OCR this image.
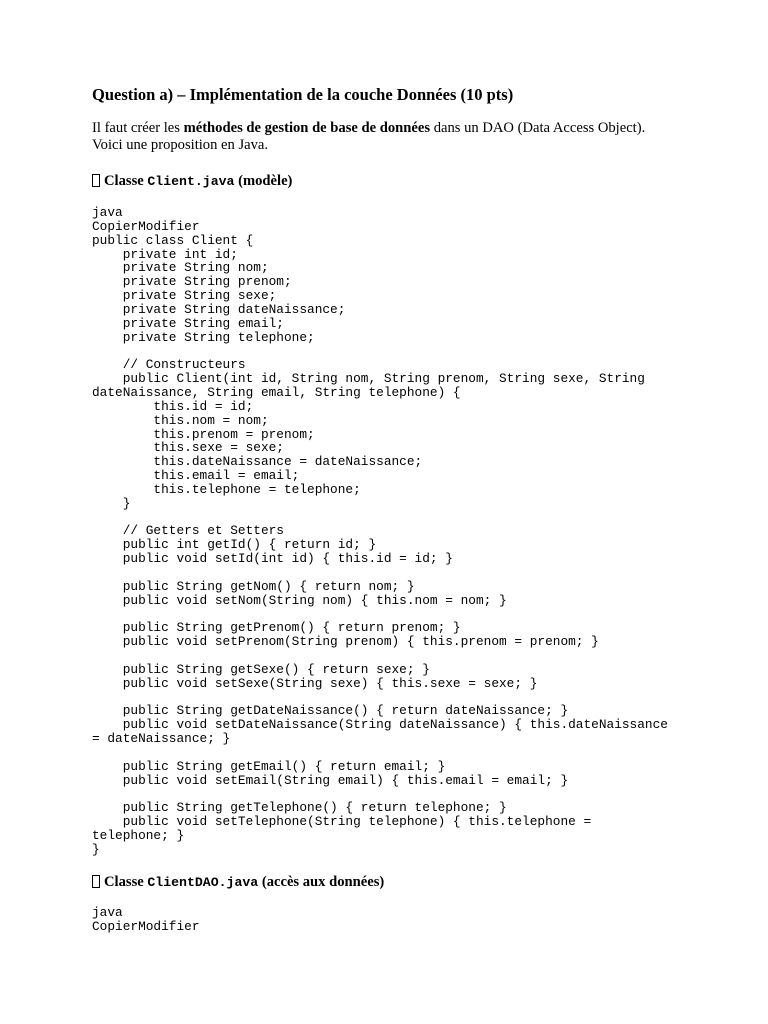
Question a) – Implémentation de la couche Données (10 pts)

Il faut créer les méthodes de gestion de base de données dans un DAO (Data Access Object). Voici une proposition en Java.

Classe Client.java (modèle)
java
CopierModifier
public class Client {
private int id;
private String nom;
private String prenom;
private String sexe;
private String dateNaissance;
private String email;
private String telephone;

// Constructeurs
public Client(int id, String nom, String prenom, String sexe, String
dateNaissance, String email, String telephone) {
this.id = id;
this.nom = nom;
this.prenom = prenom;
this.sexe = sexe;
this.dateNaissance = dateNaissance;
this.email = email;
this.telephone = telephone;
}

// Getters et Setters
public int getId() { return id; }
public void setId(int id) { this.id = id; }

public String getNom() { return nom; }
public void setNom(String nom) { this.nom = nom; }

public String getPrenom() { return prenom; }
public void setPrenom(String prenom) { this.prenom = prenom; }

public String getSexe() { return sexe; }
public void setSexe(String sexe) { this.sexe = sexe; }

public String getDateNaissance() { return dateNaissance; }
public void setDateNaissance(String dateNaissance) { this.dateNaissance
= dateNaissance; }

public String getEmail() { return email; }
public void setEmail(String email) { this.email = email; }

public String getTelephone() { return telephone; }
public void setTelephone(String telephone) { this.telephone =
telephone; }
}
Classe ClientDAO.java (accès aux données)
java
CopierModifier
